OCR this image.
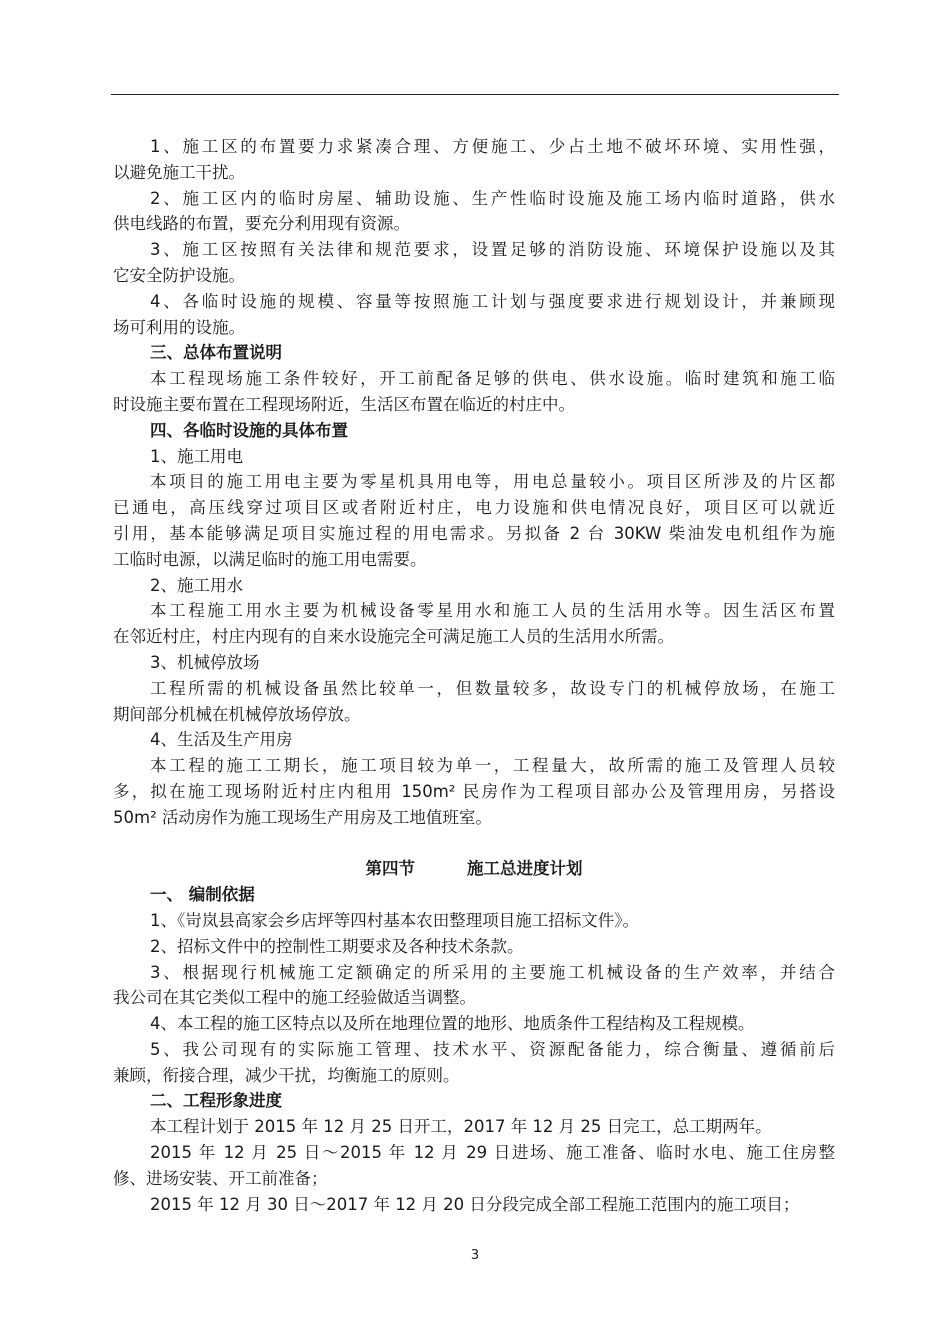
1、施工区的布置要力求紧凑合理、方便施工、少占土地不破坏环境、实用性强，
以避免施工干扰。
2、施工区内的临时房屋、辅助设施、生产性临时设施及施工场内临时道路，供水
供电线路的布置，要充分利用现有资源。
3、施工区按照有关法律和规范要求，设置足够的消防设施、环境保护设施以及其
它安全防护设施。
4、各临时设施的规模、容量等按照施工计划与强度要求进行规划设计，并兼顾现
场可利用的设施。
三、总体布置说明
本工程现场施工条件较好，开工前配备足够的供电、供水设施。临时建筑和施工临
时设施主要布置在工程现场附近，生活区布置在临近的村庄中。
四、各临时设施的具体布置
1、施工用电
本项目的施工用电主要为零星机具用电等，用电总量较小。项目区所涉及的片区都
已通电，高压线穿过项目区或者附近村庄，电力设施和供电情况良好，项目区可以就近
引用，基本能够满足项目实施过程的用电需求。另拟备 2 台 30KW 柴油发电机组作为施
工临时电源，以满足临时的施工用电需要。
2、施工用水
本工程施工用水主要为机械设备零星用水和施工人员的生活用水等。因生活区布置
在邻近村庄，村庄内现有的自来水设施完全可满足施工人员的生活用水所需。
3、机械停放场
工程所需的机械设备虽然比较单一，但数量较多，故设专门的机械停放场，在施工
期间部分机械在机械停放场停放。
4、生活及生产用房
本工程的施工工期长，施工项目较为单一，工程量大，故所需的施工及管理人员较
多，拟在施工现场附近村庄内租用 150m² 民房作为工程项目部办公及管理用房，另搭设
50m² 活动房作为施工现场生产用房及工地值班室。
第四节	施工总进度计划
一、 编制依据
1、《岢岚县高家会乡店坪等四村基本农田整理项目施工招标文件》。
2、招标文件中的控制性工期要求及各种技术条款。
3、根据现行机械施工定额确定的所采用的主要施工机械设备的生产效率，并结合
我公司在其它类似工程中的施工经验做适当调整。
4、本工程的施工区特点以及所在地理位置的地形、地质条件工程结构及工程规模。
5、我公司现有的实际施工管理、技术水平、资源配备能力，综合衡量、遵循前后
兼顾，衔接合理，减少干扰，均衡施工的原则。
二、工程形象进度
本工程计划于 2015 年 12 月 25 日开工，2017 年 12 月 25 日完工，总工期两年。
2015 年 12 月 25 日～2015 年 12 月 29 日进场、施工准备、临时水电、施工住房整
修、进场安装、开工前准备；
2015 年 12 月 30 日～2017 年 12 月 20 日分段完成全部工程施工范围内的施工项目；
3
